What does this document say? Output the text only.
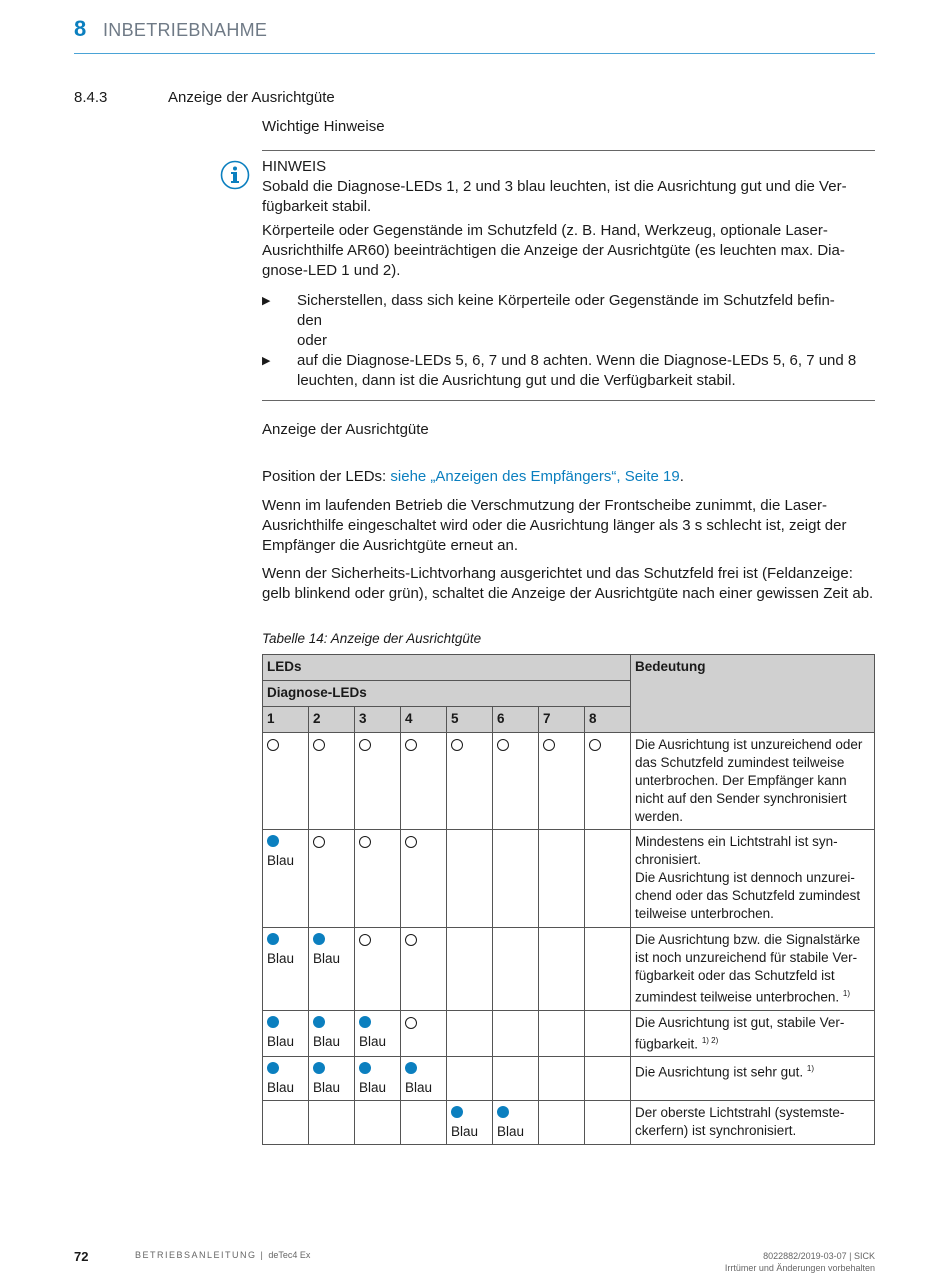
8 INBETRIEBNAHME
8.4.3	Anzeige der Ausrichtgüte
Wichtige Hinweise
HINWEIS
Sobald die Diagnose-LEDs 1, 2 und 3 blau leuchten, ist die Ausrichtung gut und die Verfügbarkeit stabil.
Körperteile oder Gegenstände im Schutzfeld (z. B. Hand, Werkzeug, optionale Laser-Ausrichthilfe AR60) beeinträchtigen die Anzeige der Ausrichtgüte (es leuchten max. Diagnose-LED 1 und 2).
▶ Sicherstellen, dass sich keine Körperteile oder Gegenstände im Schutzfeld befin-
den
oder
▶ auf die Diagnose-LEDs 5, 6, 7 und 8 achten. Wenn die Diagnose-LEDs 5, 6, 7 und 8 leuchten, dann ist die Ausrichtung gut und die Verfügbarkeit stabil.
Anzeige der Ausrichtgüte
Position der LEDs: siehe „Anzeigen des Empfängers“, Seite 19.
Wenn im laufenden Betrieb die Verschmutzung der Frontscheibe zunimmt, die Laser-Ausrichthilfe eingeschaltet wird oder die Ausrichtung länger als 3 s schlecht ist, zeigt der Empfänger die Ausrichtgüte erneut an.
Wenn der Sicherheits-Lichtvorhang ausgerichtet und das Schutzfeld frei ist (Feldanzeige: gelb blinkend oder grün), schaltet die Anzeige der Ausrichtgüte nach einer gewissen Zeit ab.
Tabelle 14: Anzeige der Ausrichtgüte
LEDs								Bedeutung
Diagnose-LEDs								
1	2	3	4	5	6	7	8	
								Die Ausrichtung ist unzureichend oder das Schutzfeld zumindest teilweise unterbrochen. Der Empfänger kann nicht auf den Sender synchronisiert werden.

Blau								Mindestens ein Lichtstrahl ist synchronisiert.
Die Ausrichtung ist dennoch unzureichend oder das Schutzfeld zumindest teilweise unterbrochen.

Blau	Blau							Die Ausrichtung bzw. die Signalstärke ist noch unzureichend für stabile Verfügbarkeit oder das Schutzfeld ist zumindest teilweise unterbrochen. $^{1)}$

Blau	Blau	Blau						Die Ausrichtung ist gut, stabile Verfügbarkeit. $^{1) 2)}$

Blau	Blau	Blau	Blau					Die Ausrichtung ist sehr gut. $^{1)}$

				Blau	Blau			Der oberste Lichtstrahl (systemsteckerfern) ist synchronisiert.
72	BETRIEBSANLEITUNG | deTec4 Ex	8022882/2019-03-07 | SICK
Irrtümer und Änderungen vorbehalten
